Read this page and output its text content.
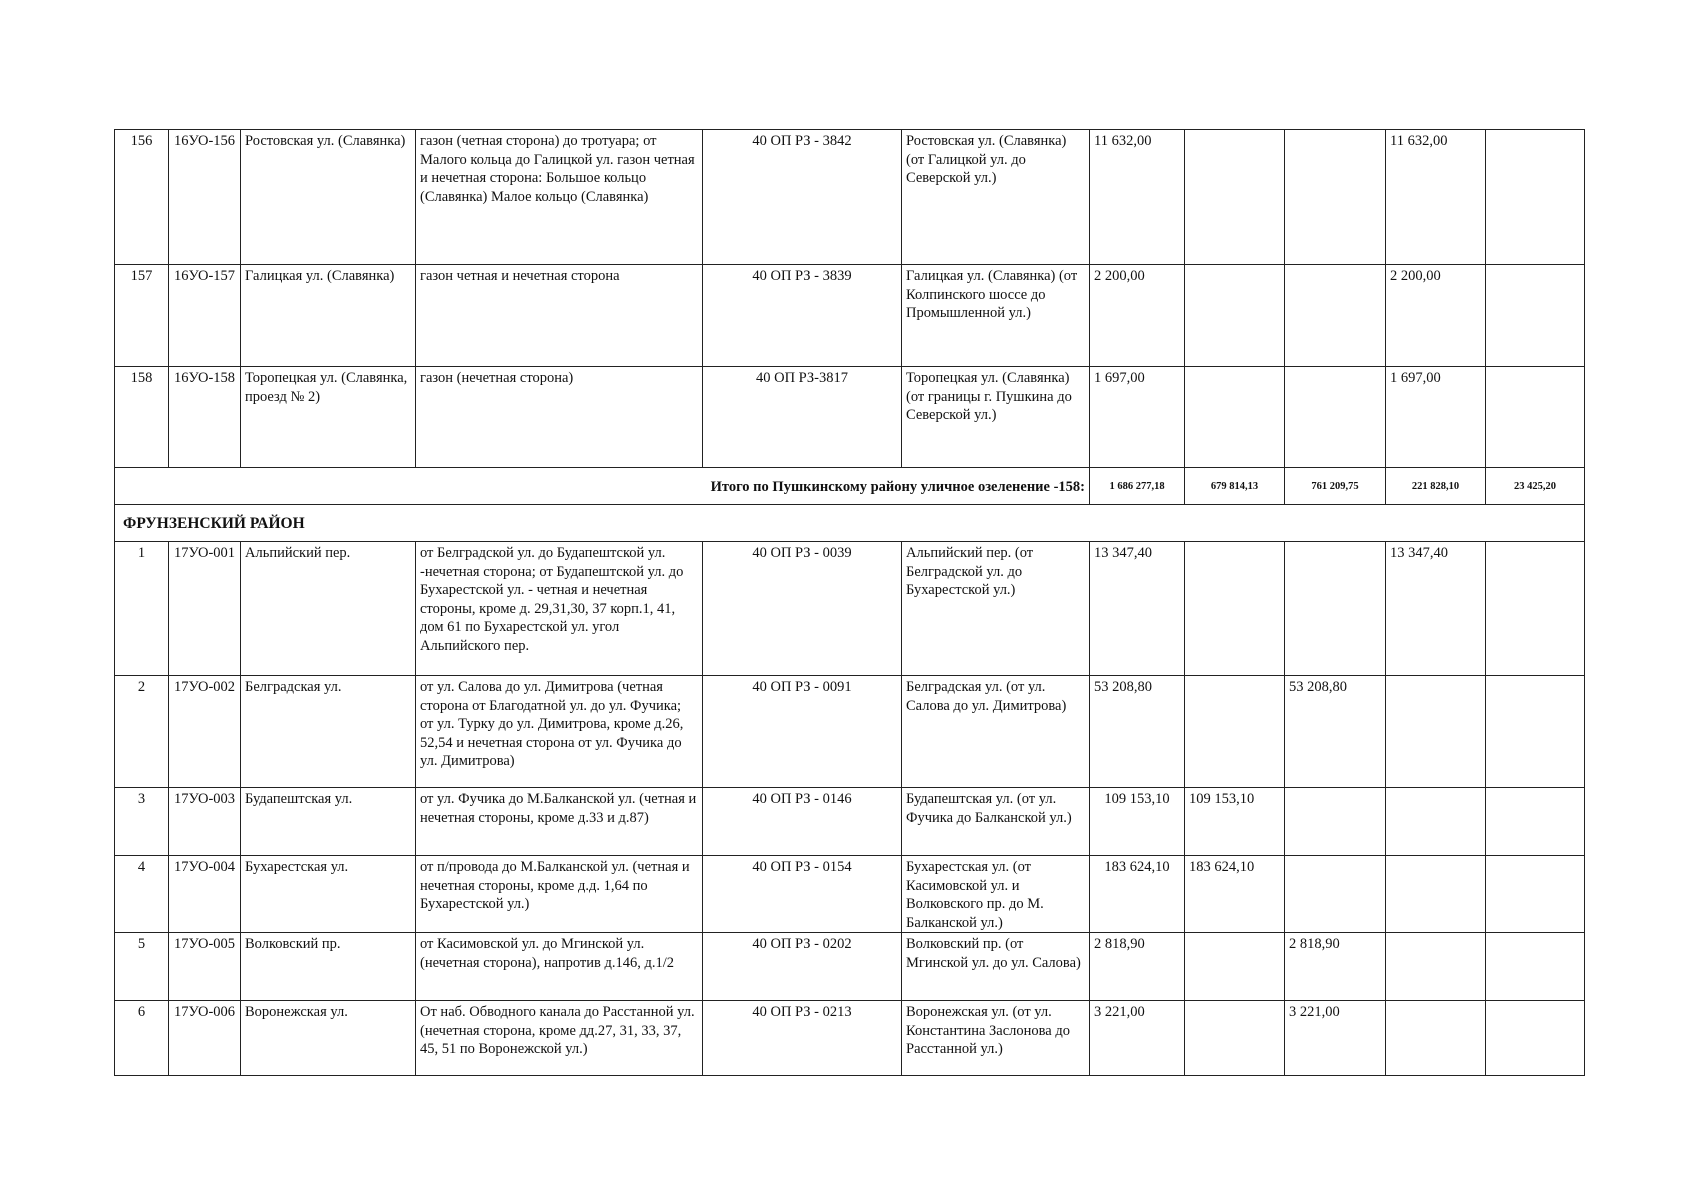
156	16УО-156	Ростовская ул. (Славянка)	газон (четная сторона) до тротуара; от Малого кольца до Галицкой ул. газон четная и нечетная сторона: Большое кольцо (Славянка) Малое кольцо (Славянка)	40 ОП РЗ - 3842	Ростовская ул. (Славянка) (от Галицкой ул. до Северской ул.)	11 632,00			11 632,00	
157	16УО-157	Галицкая ул. (Славянка)	газон четная и нечетная сторона	40 ОП РЗ - 3839	Галицкая ул. (Славянка) (от Колпинского шоссе до Промышленной ул.)	2 200,00			2 200,00	
158	16УО-158	Торопецкая ул. (Славянка, проезд № 2)	газон (нечетная сторона)	40 ОП РЗ-3817	Торопецкая ул. (Славянка) (от границы г. Пушкина до Северской ул.)	1 697,00			1 697,00	
Итого по Пушкинскому району уличное озеленение -158:						1 686 277,18	679 814,13	761 209,75	221 828,10	23 425,20
ФРУНЗЕНСКИЙ РАЙОН										
1	17УО-001	Альпийский пер.	от Белградской ул. до Будапештской ул. -нечетная сторона; от Будапештской ул. до Бухарестской ул. - четная и нечетная стороны, кроме д. 29,31,30, 37 корп.1, 41, дом 61 по Бухарестской ул. угол Альпийского пер.	40 ОП РЗ - 0039	Альпийский пер. (от Белградской ул. до Бухарестской ул.)	13 347,40			13 347,40	
2	17УО-002	Белградская ул.	от ул. Салова до ул. Димитрова (четная сторона от Благодатной ул. до ул. Фучика; от ул. Турку до ул. Димитрова, кроме д.26, 52,54 и нечетная сторона от ул. Фучика до ул. Димитрова)	40 ОП РЗ - 0091	Белградская ул. (от ул. Салова до ул. Димитрова)	53 208,80		53 208,80		
3	17УО-003	Будапештская ул.	от ул. Фучика до М.Балканской ул. (четная и нечетная стороны, кроме д.33 и д.87)	40 ОП РЗ - 0146	Будапештская ул. (от ул. Фучика до Балканской ул.)	109 153,10	109 153,10			
4	17УО-004	Бухарестская ул.	от п/провода до М.Балканской ул. (четная и нечетная стороны, кроме д.д. 1,64 по Бухарестской ул.)	40 ОП РЗ - 0154	Бухарестская ул. (от Касимовской ул. и Волковского пр. до М. Балканской ул.)	183 624,10	183 624,10			
5	17УО-005	Волковский пр.	от Касимовской ул. до Мгинской ул. (нечетная сторона), напротив д.146, д.1/2	40 ОП РЗ - 0202	Волковский пр. (от Мгинской ул. до ул. Салова)	2 818,90		2 818,90		
6	17УО-006	Воронежская ул.	От наб. Обводного канала до Расстанной ул. (нечетная сторона, кроме дд.27, 31, 33, 37, 45, 51 по Воронежской ул.)	40 ОП РЗ - 0213	Воронежская ул. (от ул. Константина Заслонова до Расстанной ул.)	3 221,00		3 221,00		
